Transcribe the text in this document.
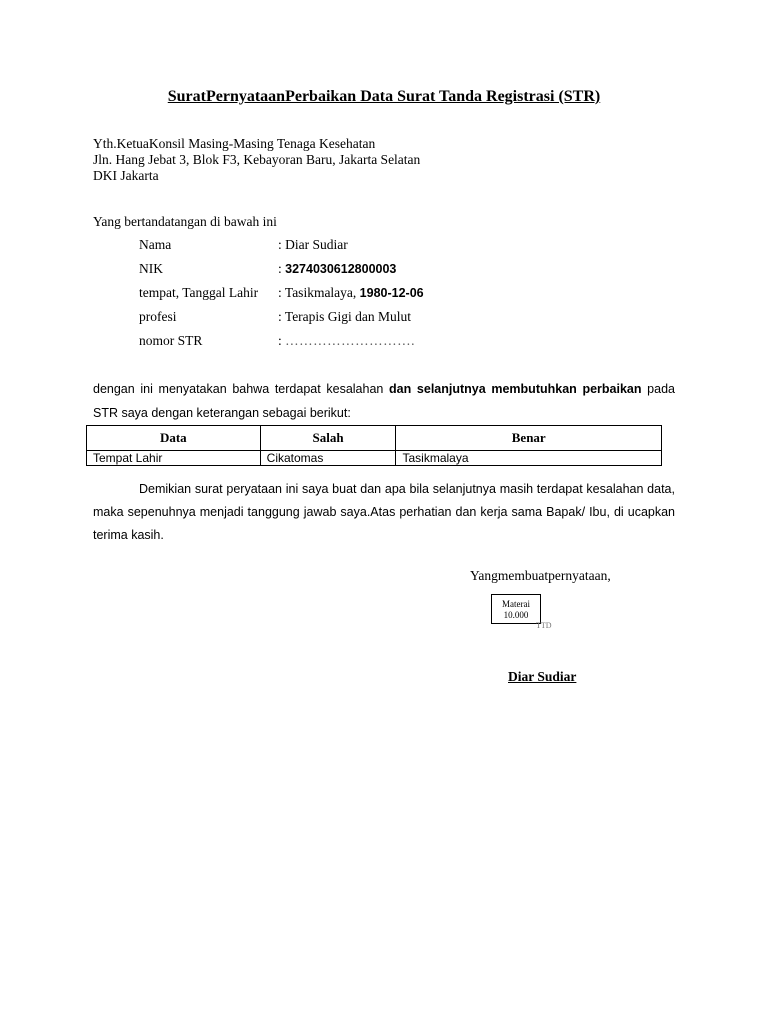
SuratPernyataanPerbaikan Data Surat Tanda Registrasi (STR)
Yth.KetuaKonsil Masing-Masing Tenaga Kesehatan
Jln. Hang Jebat 3, Blok F3, Kebayoran Baru, Jakarta Selatan
DKI Jakarta
Yang bertandatangan di bawah ini
Nama	: Diar Sudiar
NIK	: 3274030612800003
tempat, Tanggal Lahir : Tasikmalaya, 1980-12-06
profesi	: Terapis Gigi dan Mulut
nomor STR	: ……………………….
dengan ini menyatakan bahwa terdapat kesalahan dan selanjutnya membutuhkan perbaikan pada STR saya dengan keterangan sebagai berikut:
Data	Salah	Benar
Tempat Lahir	Cikatomas	Tasikmalaya
Demikian surat peryataan ini saya buat dan apa bila selanjutnya masih terdapat kesalahan data, maka sepenuhnya menjadi tanggung jawab saya.Atas perhatian dan kerja sama Bapak/ Ibu, di ucapkan terima kasih.
Yangmembuatpernyataan,
Materai
10.000
TTD
Diar Sudiar
